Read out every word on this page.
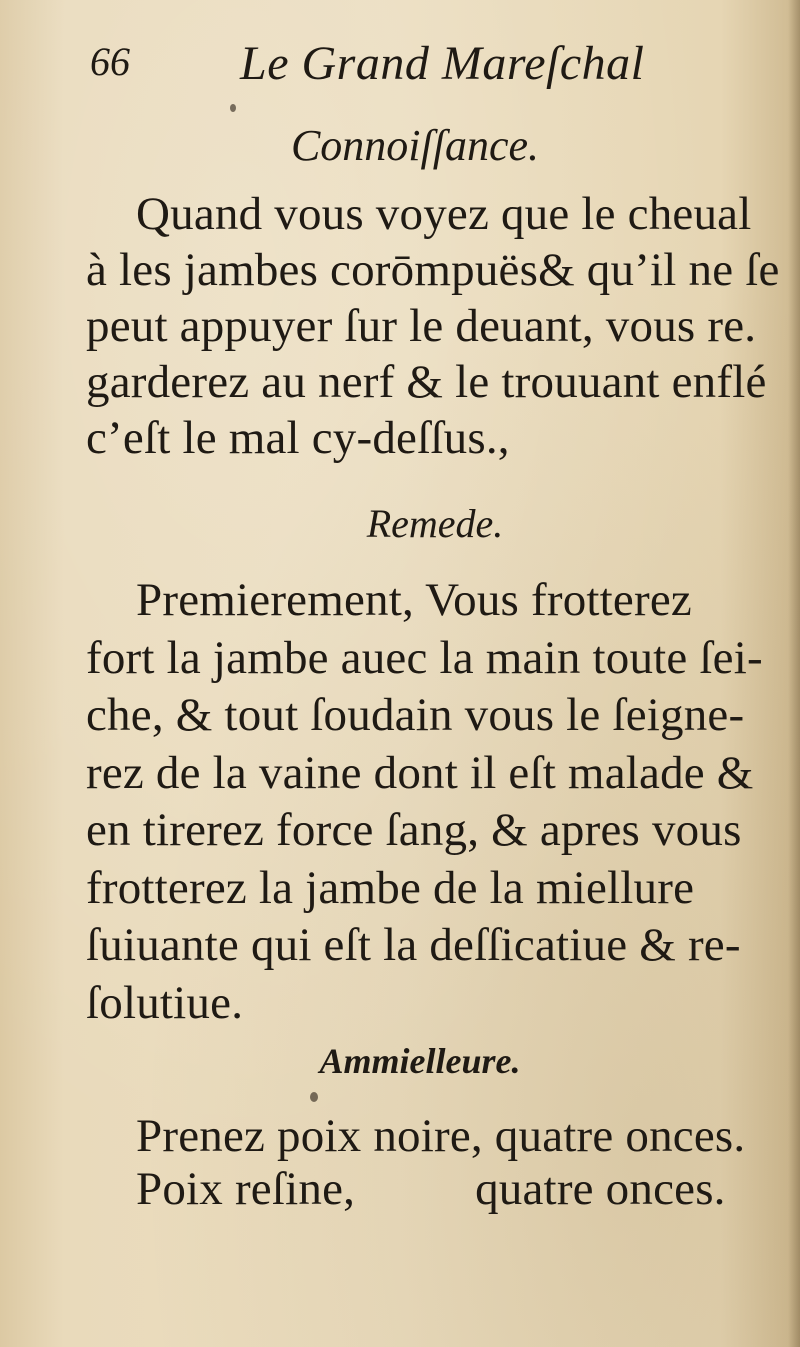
66 Le Grand Mareſchal
Connoiſſance.
Quand vous voyez que le cheual
à les jambes corōmpuës& qu’il ne ſe
peut appuyer ſur le deuant, vous re.
garderez au nerf & le trouuant enflé
c’eſt le mal cy-deſſus.,
Remede.
Premierement, Vous frotterez
fort la jambe auec la main toute ſei-
che, & tout ſoudain vous le ſeigne-
rez de la vaine dont il eſt malade &
en tirerez force ſang, & apres vous
frotterez la jambe de la miellure
ſuiuante qui eſt la deſſicatiue & re-
ſolutiue.
Ammielleure.
Prenez poix noire, quatre onces.
Poix reſine,	quatre onces.
